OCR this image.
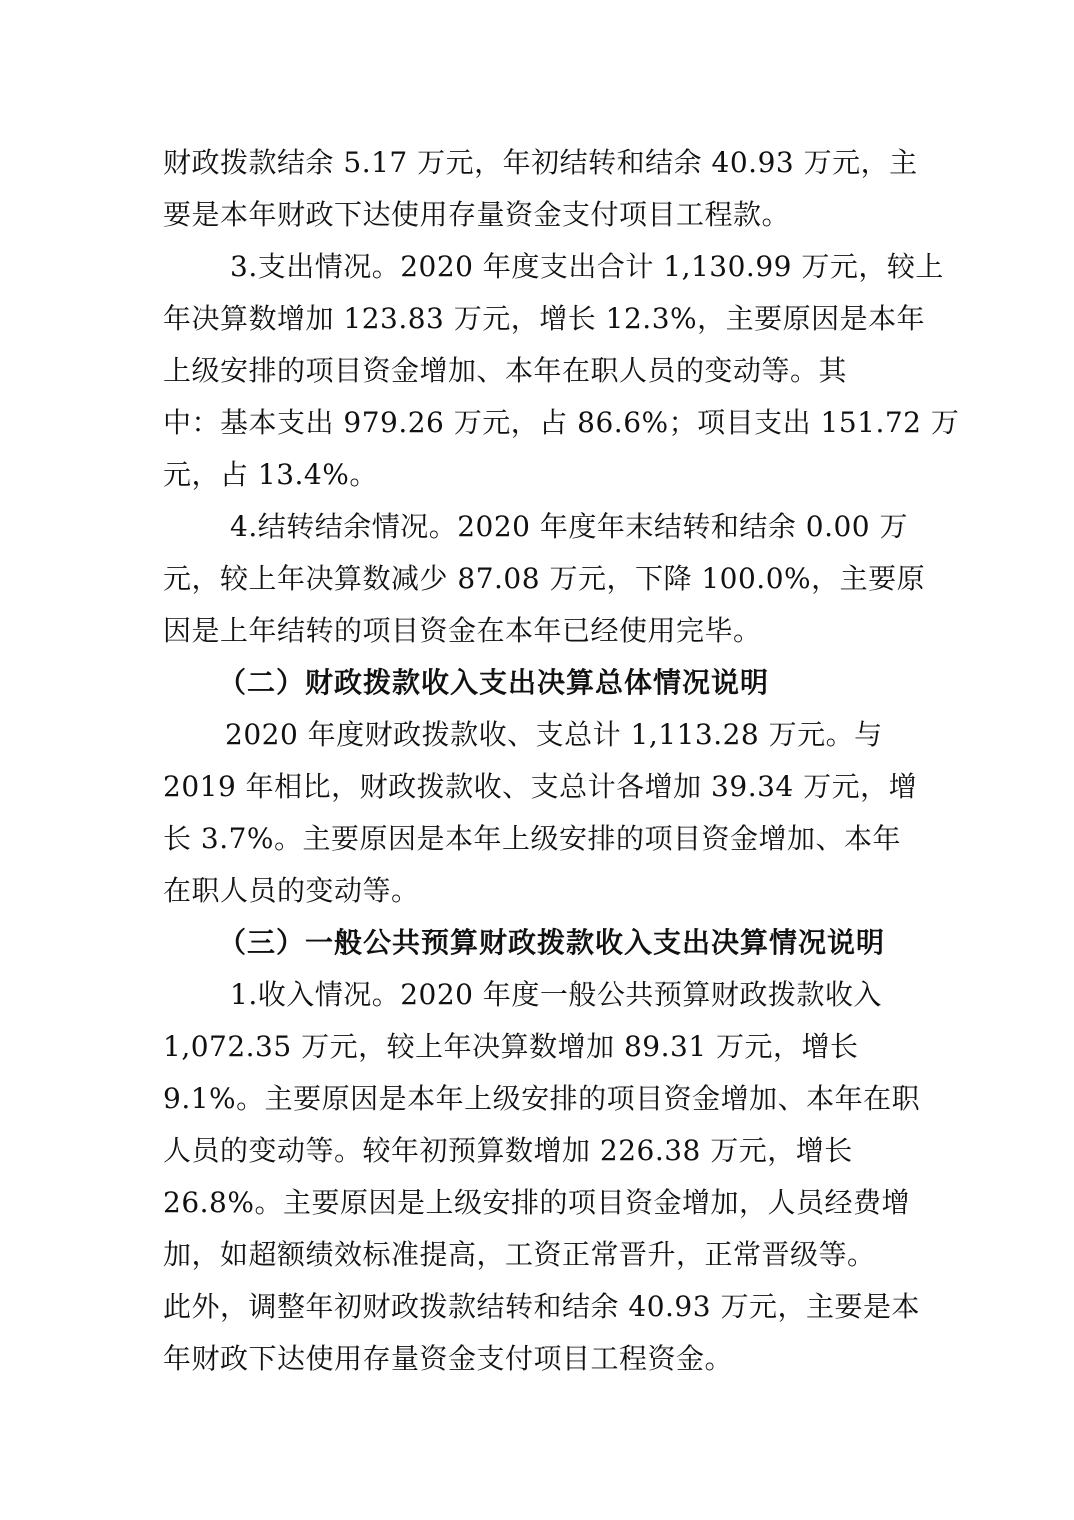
财政拨款结余 5.17 万元，年初结转和结余 40.93 万元，主
要是本年财政下达使用存量资金支付项目工程款。
3.支出情况。2020 年度支出合计 1,130.99 万元，较上
年决算数增加 123.83 万元，增长 12.3%，主要原因是本年
上级安排的项目资金增加、本年在职人员的变动等。其
中：基本支出 979.26 万元，占 86.6%；项目支出 151.72 万
元，占 13.4%。
4.结转结余情况。2020 年度年末结转和结余 0.00 万
元，较上年决算数减少 87.08 万元，下降 100.0%，主要原
因是上年结转的项目资金在本年已经使用完毕。
（二）财政拨款收入支出决算总体情况说明
2020 年度财政拨款收、支总计 1,113.28 万元。与
2019 年相比，财政拨款收、支总计各增加 39.34 万元，增
长 3.7%。主要原因是本年上级安排的项目资金增加、本年
在职人员的变动等。
（三）一般公共预算财政拨款收入支出决算情况说明
1.收入情况。2020 年度一般公共预算财政拨款收入
1,072.35 万元，较上年决算数增加 89.31 万元，增长
9.1%。主要原因是本年上级安排的项目资金增加、本年在职
人员的变动等。较年初预算数增加 226.38 万元，增长
26.8%。主要原因是上级安排的项目资金增加，人员经费增
加，如超额绩效标准提高，工资正常晋升，正常晋级等。
此外，调整年初财政拨款结转和结余 40.93 万元，主要是本
年财政下达使用存量资金支付项目工程资金。
